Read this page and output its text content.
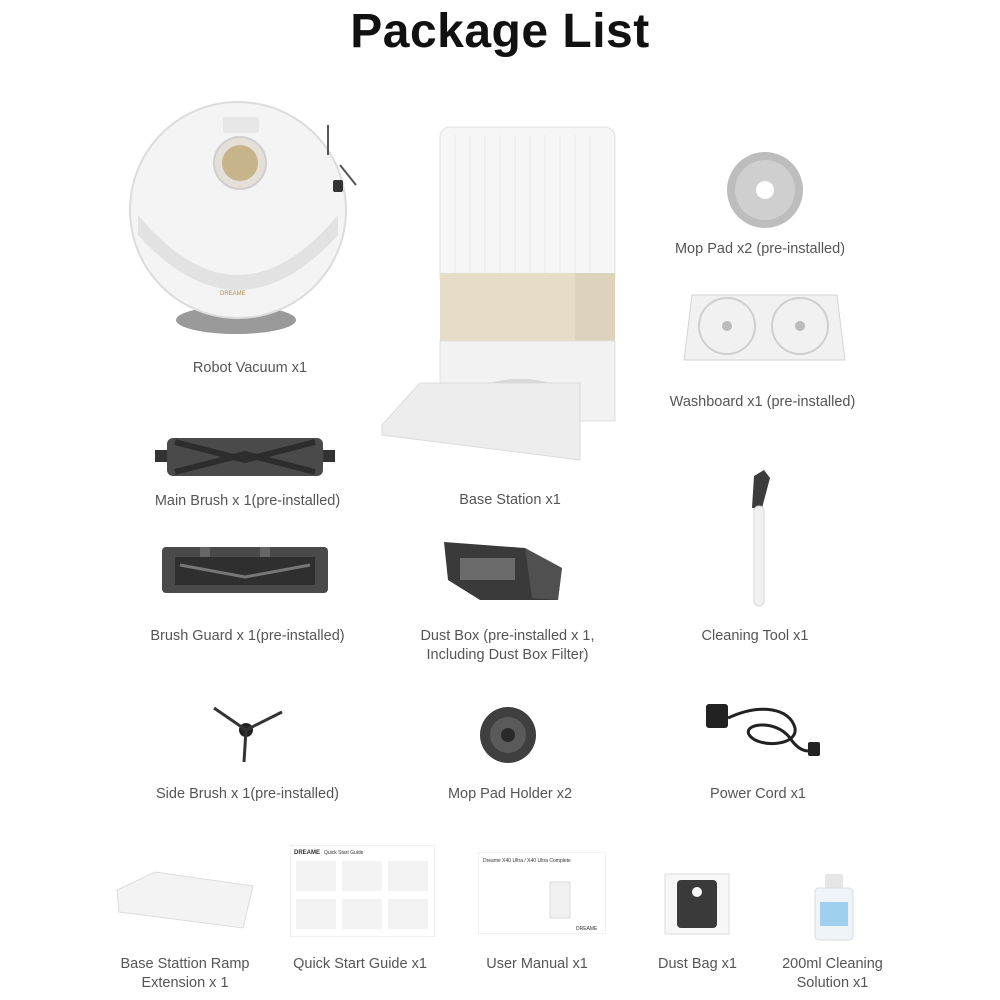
Package List
DREAME
Robot Vacuum x1
Base Station x1
Mop Pad x2 (pre-installed)
Washboard x1 (pre-installed)
Main Brush x 1(pre-installed)
Brush Guard x 1(pre-installed)	Dust Box (pre-installed x 1,
Including Dust Box Filter)
Cleaning Tool x1
Side Brush x 1(pre-installed)	Mop Pad Holder x2	Power Cord x1
Base Stattion Ramp
Extension x 1
DREAME Quick Start Guide
Quick Start Guide x1
Dreame X40 Ultra / X40 Ultra Complete
DREAME
User Manual x1	Dust Bag x1	200ml Cleaning
Solution x1
